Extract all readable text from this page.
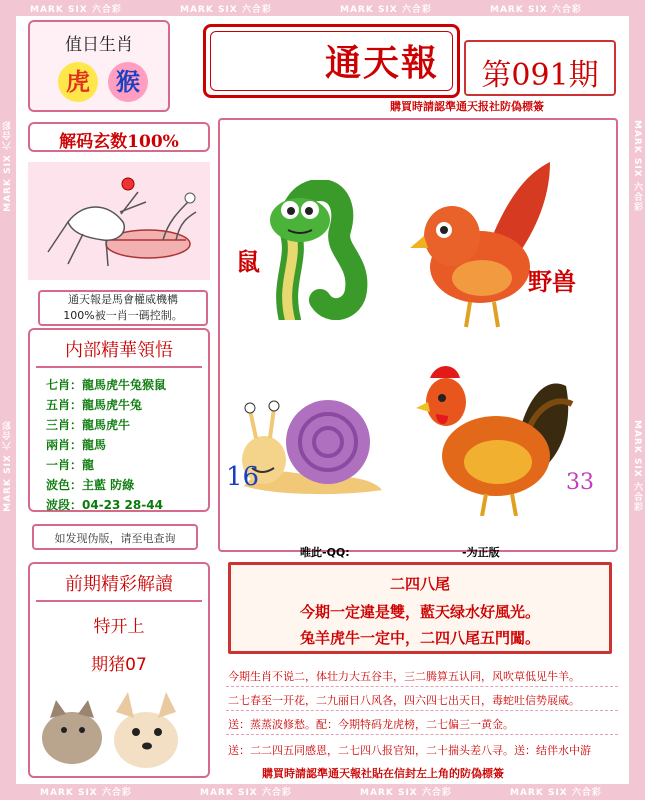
MARK SIX 六合彩	MARK SIX 六合彩	MARK SIX 六合彩	MARK SIX 六合彩
MARK SIX 六合彩	MARK SIX 六合彩	MARK SIX 六合彩	MARK SIX 六合彩
MARK SIX 六合彩
MARK SIX 六合彩
MARK SIX 六合彩
MARK SIX 六合彩
值日生肖
虎	猴	通天報	第091期
購買時請認準通天报社防偽標簽
解码玄数100%

通天報是馬會權威機構

100%被一肖一碼控制。

内部精華領悟
七肖：龍馬虎牛兔猴鼠
五肖：龍馬虎牛兔
三肖：龍馬虎牛
兩肖：龍馬
一肖：龍
波色：主藍 防綠
波段：04-23 28-44
如发现伪版，请至电查询
前期精彩解讀
特开上
期猪07
鼠
野兽
16	33
唯此-QQ:	-为正版
二四八尾
今期一定違是雙，藍天绿水好風光。
兔羊虎牛一定中，二四八尾五門闖。
今期生肖不说二，体壮力大五谷丰，三二腾算五认同，风吹草低见牛羊。
二七春至一开花，二九丽日八风各，四六四七出天日，毒蛇吐信势展威。
送：蒸蒸波修愁。配：今期特码龙虎榜，二七偏三一黄金。
送：二二四五同感恩，二七四八报官知，二十揣头差八寻。送：结伴水中游
購買時請認準通天報社貼在信封左上角的防偽標簽
